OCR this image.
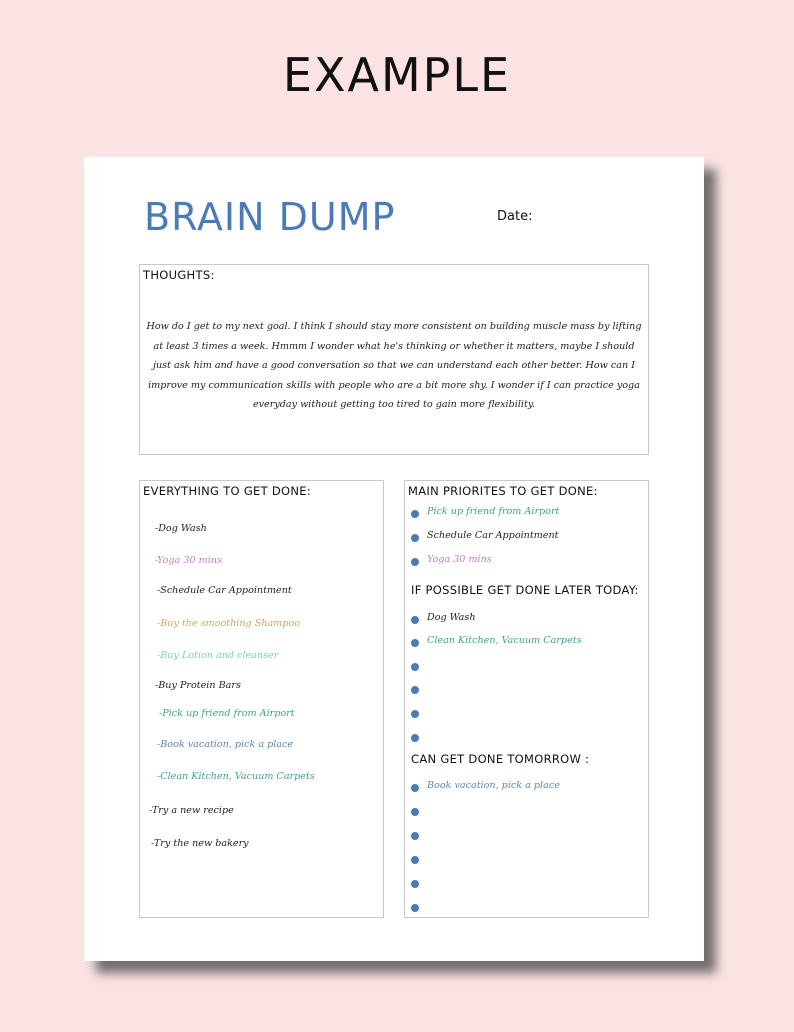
EXAMPLE
BRAIN DUMP	Date:
THOUGHTS:
How do I get to my next goal. I think I should stay more consistent on building muscle mass by lifting at least 3 times a week. Hmmm I wonder what he's thinking or whether it matters, maybe I should just ask him and have a good conversation so that we can understand each other better. How can I improve my communication skills with people who are a bit more shy. I wonder if I can practice yoga everyday without getting too tired to gain more flexibility.
EVERYTHING TO GET DONE:
-Dog Wash
-Yoga 30 mins
-Schedule Car Appointment
-Buy the smoothing Shampoo
-Buy Lotion and cleanser
-Buy Protein Bars
-Pick up friend from Airport
-Book vacation, pick a place
-Clean Kitchen, Vacuum Carpets
-Try a new recipe
-Try the new bakery
MAIN PRIORITES TO GET DONE:
Pick up friend from Airport
Schedule Car Appointment
Yoga 30 mins
IF POSSIBLE GET DONE LATER TODAY:
Dog Wash
Clean Kitchen, Vacuum Carpets
CAN GET DONE TOMORROW :
Book vacation, pick a place
